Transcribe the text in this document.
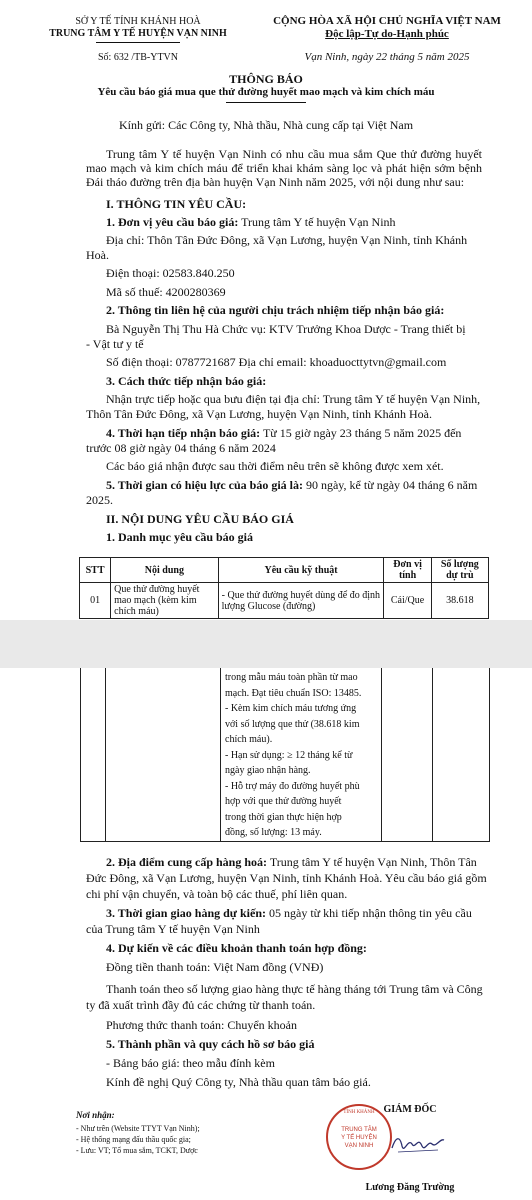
SỞ Y TẾ TỈNH KHÁNH HOÀ
TRUNG TÂM Y TẾ HUYỆN VẠN NINH
Số: 632 /TB-YTVN
CỘNG HÒA XÃ HỘI CHỦ NGHĨA VIỆT NAM
Độc lập-Tự do-Hạnh phúc
Vạn Ninh, ngày 22 tháng 5 năm 2025
THÔNG BÁO
Yêu cầu báo giá mua que thử đường huyết mao mạch và kim chích máu
Kính gửi: Các Công ty, Nhà thầu, Nhà cung cấp tại Việt Nam
Trung tâm Y tế huyện Vạn Ninh có nhu cầu mua sắm Que thử đường huyết mao mạch và kim chích máu để triển khai khám sàng lọc và phát hiện sớm bệnh Đái tháo đường trên địa bàn huyện Vạn Ninh năm 2025, với nội dung như sau:
I. THÔNG TIN YÊU CẦU:
1. Đơn vị yêu cầu báo giá: Trung tâm Y tế huyện Vạn Ninh
Địa chỉ: Thôn Tân Đức Đông, xã Vạn Lương, huyện Vạn Ninh, tỉnh Khánh
Hoà.
Điện thoại: 02583.840.250
Mã số thuế: 4200280369
2. Thông tin liên hệ của người chịu trách nhiệm tiếp nhận báo giá:
Bà Nguyễn Thị Thu Hà Chức vụ: KTV Trưởng Khoa Dược - Trang thiết bị
- Vật tư y tế
Số điện thoại: 0787721687 Địa chỉ email: khoaduocttytvn@gmail.com
3. Cách thức tiếp nhận báo giá:
Nhận trực tiếp hoặc qua bưu điện tại địa chỉ: Trung tâm Y tế huyện Vạn Ninh,
Thôn Tân Đức Đông, xã Vạn Lương, huyện Vạn Ninh, tỉnh Khánh Hoà.
4. Thời hạn tiếp nhận báo giá: Từ 15 giờ ngày 23 tháng 5 năm 2025 đến
trước 08 giờ ngày 04 tháng 6 năm 2024
Các báo giá nhận được sau thời điểm nêu trên sẽ không được xem xét.
5. Thời gian có hiệu lực của báo giá là: 90 ngày, kể từ ngày 04 tháng 6 năm
2025.
II. NỘI DUNG YÊU CẦU BÁO GIÁ
1. Danh mục yêu cầu báo giá
STT	Nội dung	Yêu cầu kỹ thuật	Đơn vị tính	Số lượng dự trù
01	Que thử đường huyết mao mạch (kèm kim chích máu)	- Que thử đường huyết dùng để đo định lượng Glucose (đường)	Cái/Que	38.618
trong mẫu máu toàn phần từ mao
mạch. Đạt tiêu chuẩn ISO: 13485.
- Kèm kim chích máu tương ứng
với số lượng que thử (38.618 kim
chích máu).
- Hạn sử dụng: ≥ 12 tháng kể từ
ngày giao nhận hàng.
- Hỗ trợ máy đo đường huyết phù
hợp với que thử đường huyết
trong thời gian thực hiện hợp
đồng, số lượng: 13 máy.
2. Địa điểm cung cấp hàng hoá: Trung tâm Y tế huyện Vạn Ninh, Thôn Tân
Đức Đông, xã Vạn Lương, huyện Vạn Ninh, tỉnh Khánh Hoà. Yêu cầu báo giá gồm
chi phí vận chuyển, và toàn bộ các thuế, phí liên quan.
3. Thời gian giao hàng dự kiến: 05 ngày từ khi tiếp nhận thông tin yêu cầu
của Trung tâm Y tế huyện Vạn Ninh
4. Dự kiến về các điều khoản thanh toán hợp đồng:
Đồng tiền thanh toán: Việt Nam đồng (VNĐ)
Thanh toán theo số lượng giao hàng thực tế hàng tháng tới Trung tâm và Công
ty đã xuất trình đầy đủ các chứng từ thanh toán.
Phương thức thanh toán: Chuyển khoản
5. Thành phần và quy cách hồ sơ báo giá
- Bảng báo giá: theo mẫu đính kèm
Kính đề nghị Quý Công ty, Nhà thầu quan tâm báo giá.
Nơi nhận:
- Như trên (Website TTYT Vạn Ninh);
- Hệ thống mạng đấu thầu quốc gia;
- Lưu: VT; Tổ mua sắm, TCKT, Dược
TỈNH KHÁNH
TRUNG TÂM
Y TẾ HUYỆN
VẠN NINH
GIÁM ĐỐC
Lương Đăng Trường
